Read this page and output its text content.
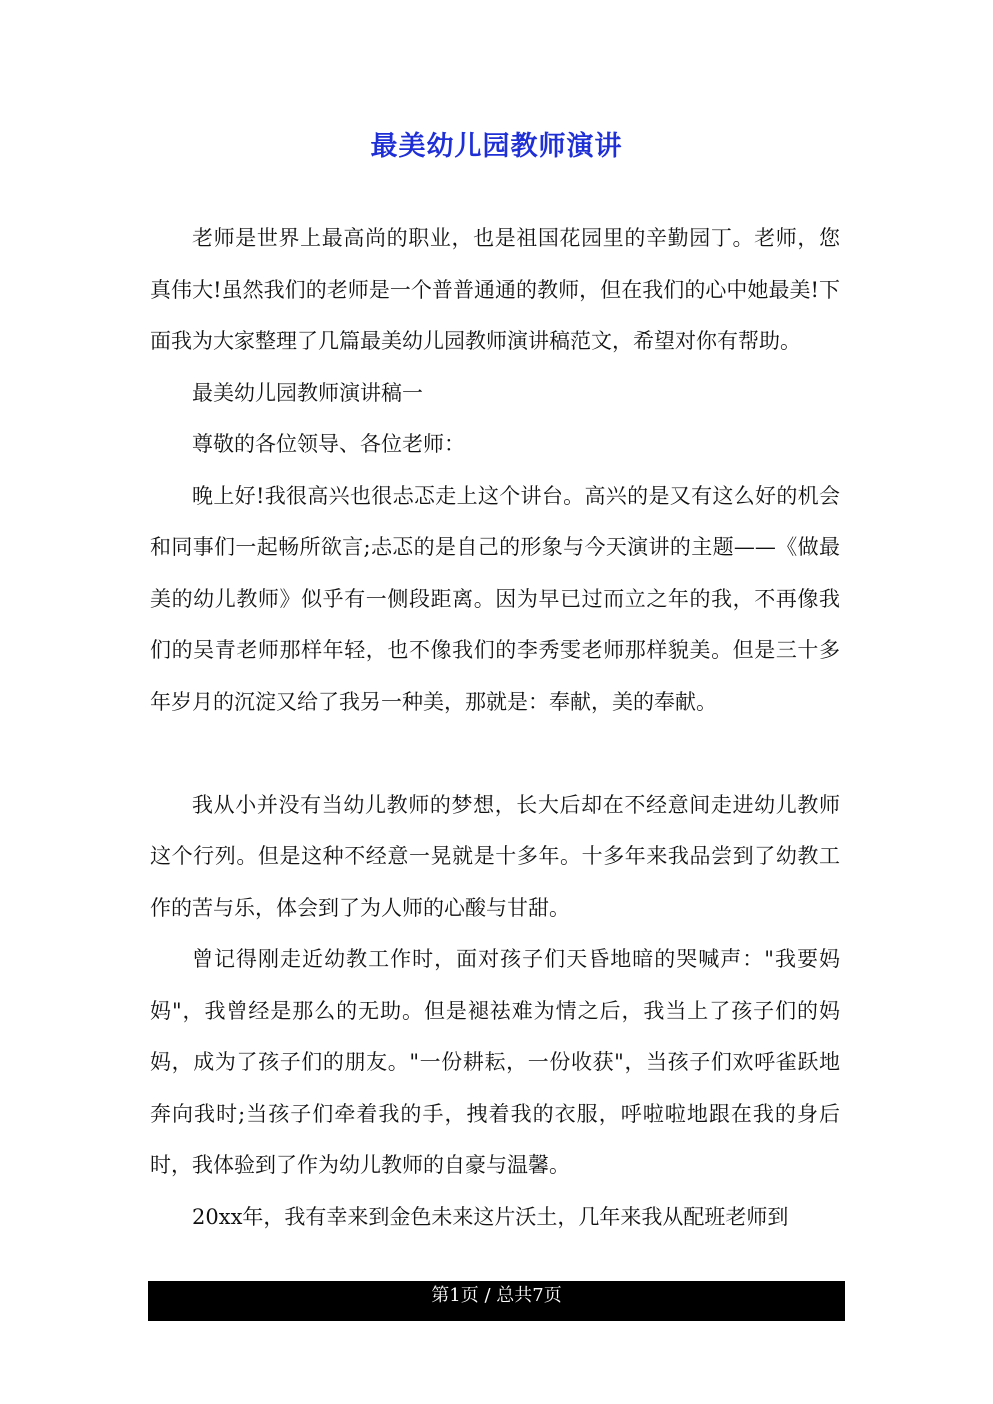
最美幼儿园教师演讲

老师是世界上最高尚的职业，也是祖国花园里的辛勤园丁。老师，您真伟大!虽然我们的老师是一个普普通通的教师，但在我们的心中她最美!下面我为大家整理了几篇最美幼儿园教师演讲稿范文，希望对你有帮助。

最美幼儿园教师演讲稿一

尊敬的各位领导、各位老师：

晚上好!我很高兴也很忐忑走上这个讲台。高兴的是又有这么好的机会和同事们一起畅所欲言;忐忑的是自己的形象与今天演讲的主题——《做最美的幼儿教师》似乎有一侧段距离。因为早已过而立之年的我，不再像我们的吴青老师那样年轻，也不像我们的李秀雯老师那样貌美。但是三十多年岁月的沉淀又给了我另一种美，那就是：奉献，美的奉献。

我从小并没有当幼儿教师的梦想，长大后却在不经意间走进幼儿教师这个行列。但是这种不经意一晃就是十多年。十多年来我品尝到了幼教工作的苦与乐，体会到了为人师的心酸与甘甜。

曾记得刚走近幼教工作时，面对孩子们天昏地暗的哭喊声："我要妈妈"，我曾经是那么的无助。但是褪祛难为情之后，我当上了孩子们的妈妈，成为了孩子们的朋友。"一份耕耘，一份收获"，当孩子们欢呼雀跃地奔向我时;当孩子们牵着我的手，拽着我的衣服，呼啦啦地跟在我的身后时，我体验到了作为幼儿教师的自豪与温馨。

20xx年，我有幸来到金色未来这片沃土，几年来我从配班老师到

第1页 / 总共7页
